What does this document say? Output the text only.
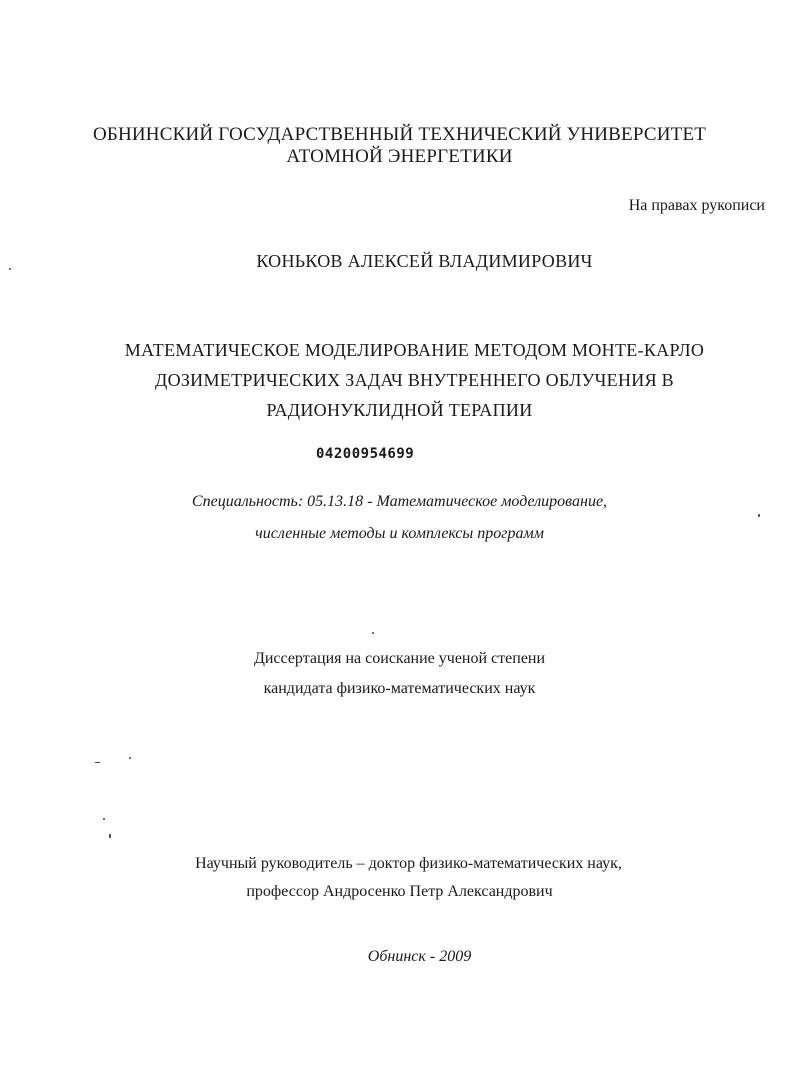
ОБНИНСКИЙ ГОСУДАРСТВЕННЫЙ ТЕХНИЧЕСКИЙ УНИВЕРСИТЕТ
АТОМНОЙ ЭНЕРГЕТИКИ
На правах рукописи
КОНЬКОВ АЛЕКСЕЙ ВЛАДИМИРОВИЧ
МАТЕМАТИЧЕСКОЕ МОДЕЛИРОВАНИЕ МЕТОДОМ МОНТЕ-КАРЛО
ДОЗИМЕТРИЧЕСКИХ ЗАДАЧ ВНУТРЕННЕГО ОБЛУЧЕНИЯ В
РАДИОНУКЛИДНОЙ ТЕРАПИИ
04200954699
Специальность: 05.13.18 - Математическое моделирование,
численные методы и комплексы программ
Диссертация на соискание ученой степени
кандидата физико-математических наук
Научный руководитель – доктор физико-математических наук,
профессор Андросенко Петр Александрович
Обнинск - 2009
